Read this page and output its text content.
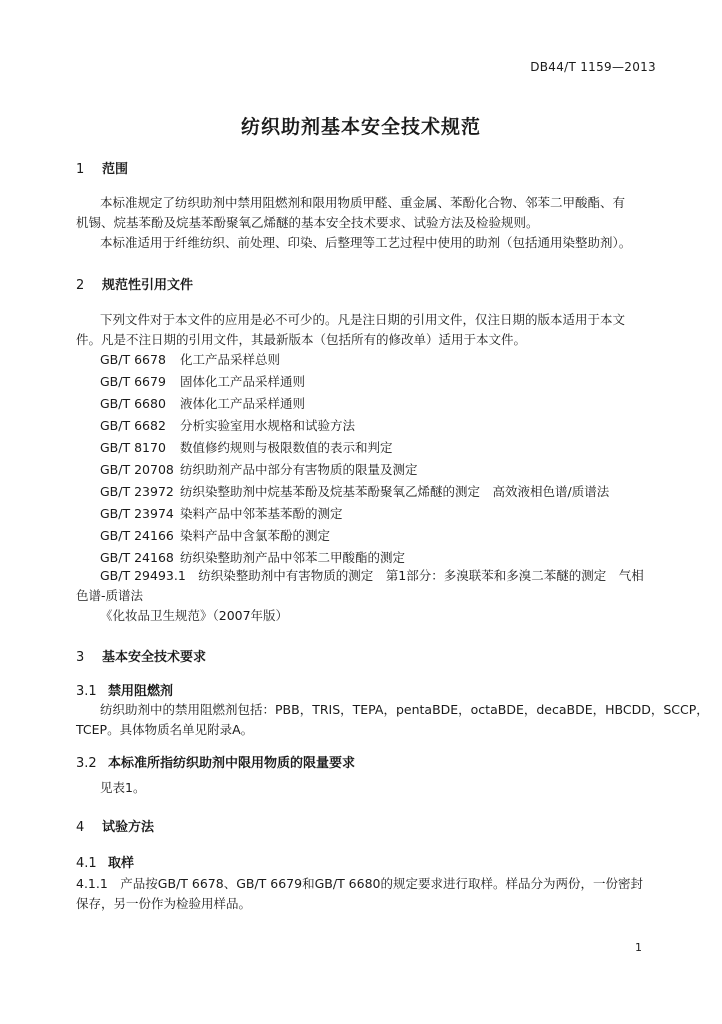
DB44/T 1159—2013
纺织助剂基本安全技术规范
1 范围
本标准规定了纺织助剂中禁用阻燃剂和限用物质甲醛、重金属、苯酚化合物、邻苯二甲酸酯、有
机锡、烷基苯酚及烷基苯酚聚氧乙烯醚的基本安全技术要求、试验方法及检验规则。
本标准适用于纤维纺织、前处理、印染、后整理等工艺过程中使用的助剂（包括通用染整助剂）。
2 规范性引用文件
下列文件对于本文件的应用是必不可少的。凡是注日期的引用文件，仅注日期的版本适用于本文
件。凡是不注日期的引用文件，其最新版本（包括所有的修改单）适用于本文件。
GB/T 6678 化工产品采样总则
GB/T 6679 固体化工产品采样通则
GB/T 6680 液体化工产品采样通则
GB/T 6682 分析实验室用水规格和试验方法
GB/T 8170 数值修约规则与极限数值的表示和判定
GB/T 20708 纺织助剂产品中部分有害物质的限量及测定
GB/T 23972 纺织染整助剂中烷基苯酚及烷基苯酚聚氧乙烯醚的测定　高效液相色谱/质谱法
GB/T 23974 染料产品中邻苯基苯酚的测定
GB/T 24166 染料产品中含氯苯酚的测定
GB/T 24168 纺织染整助剂产品中邻苯二甲酸酯的测定
GB/T 29493.1　纺织染整助剂中有害物质的测定　第1部分：多溴联苯和多溴二苯醚的测定　气相
色谱-质谱法
《化妆品卫生规范》（2007年版）
3 基本安全技术要求
3.1 禁用阻燃剂
纺织助剂中的禁用阻燃剂包括：PBB，TRIS，TEPA，pentaBDE，octaBDE，decaBDE，HBCDD，SCCP，
TCEP。具体物质名单见附录A。
3.2 本标准所指纺织助剂中限用物质的限量要求
见表1。
4 试验方法
4.1 取样
4.1.1　产品按GB/T 6678、GB/T 6679和GB/T 6680的规定要求进行取样。样品分为两份，一份密封
保存，另一份作为检验用样品。
1
